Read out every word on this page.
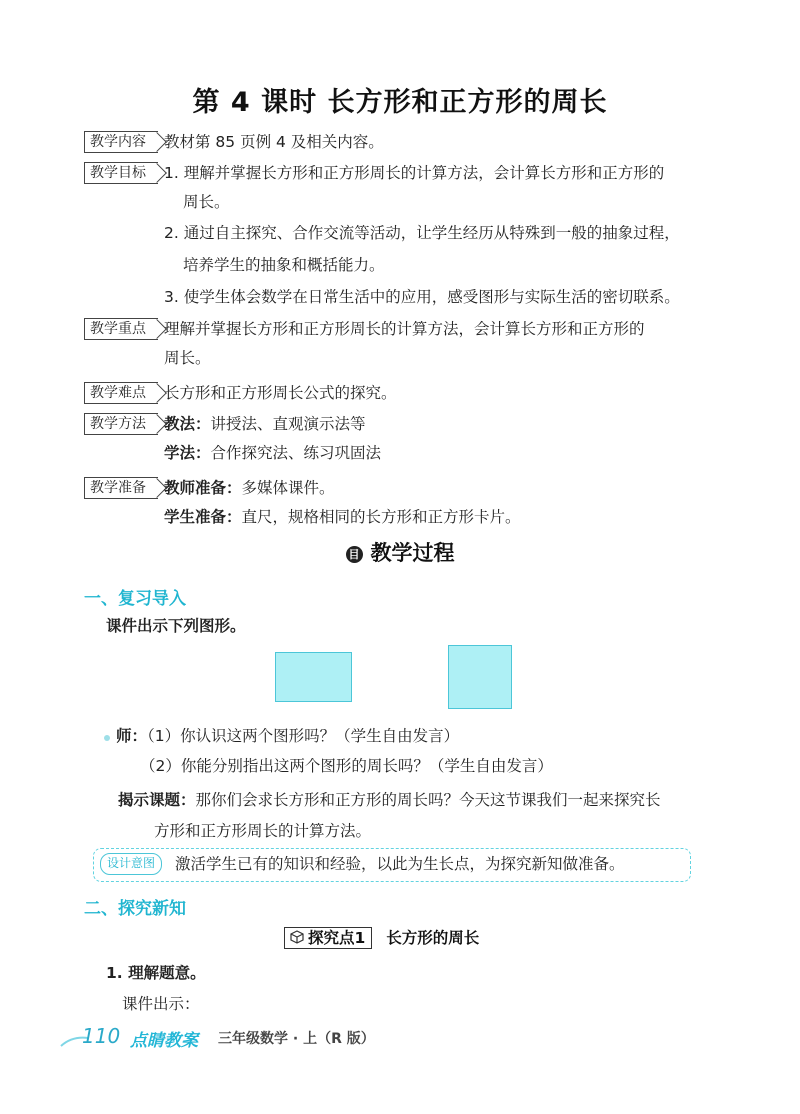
第 4 课时 长方形和正方形的周长
教学内容	教材第 85 页例 4 及相关内容。
教学目标	1. 理解并掌握长方形和正方形周长的计算方法，会计算长方形和正方形的
周长。
2. 通过自主探究、合作交流等活动，让学生经历从特殊到一般的抽象过程，
培养学生的抽象和概括能力。
3. 使学生体会数学在日常生活中的应用，感受图形与实际生活的密切联系。
教学重点	理解并掌握长方形和正方形周长的计算方法，会计算长方形和正方形的
周长。
教学难点	长方形和正方形周长公式的探究。
教学方法	教法：讲授法、直观演示法等
学法：合作探究法、练习巩固法
教学准备	教师准备：多媒体课件。
学生准备：直尺，规格相同的长方形和正方形卡片。
目 教学过程
一、复习导入
课件出示下列图形。
师：（1）你认识这两个图形吗？（学生自由发言）
（2）你能分别指出这两个图形的周长吗？（学生自由发言）
揭示课题：那你们会求长方形和正方形的周长吗？今天这节课我们一起来探究长
方形和正方形周长的计算方法。
设计意图	激活学生已有的知识和经验，以此为生长点，为探究新知做准备。
二、探究新知
探究点1 长方形的周长
1. 理解题意。
课件出示：
110 点睛教案 三年级数学 · 上（R 版）
